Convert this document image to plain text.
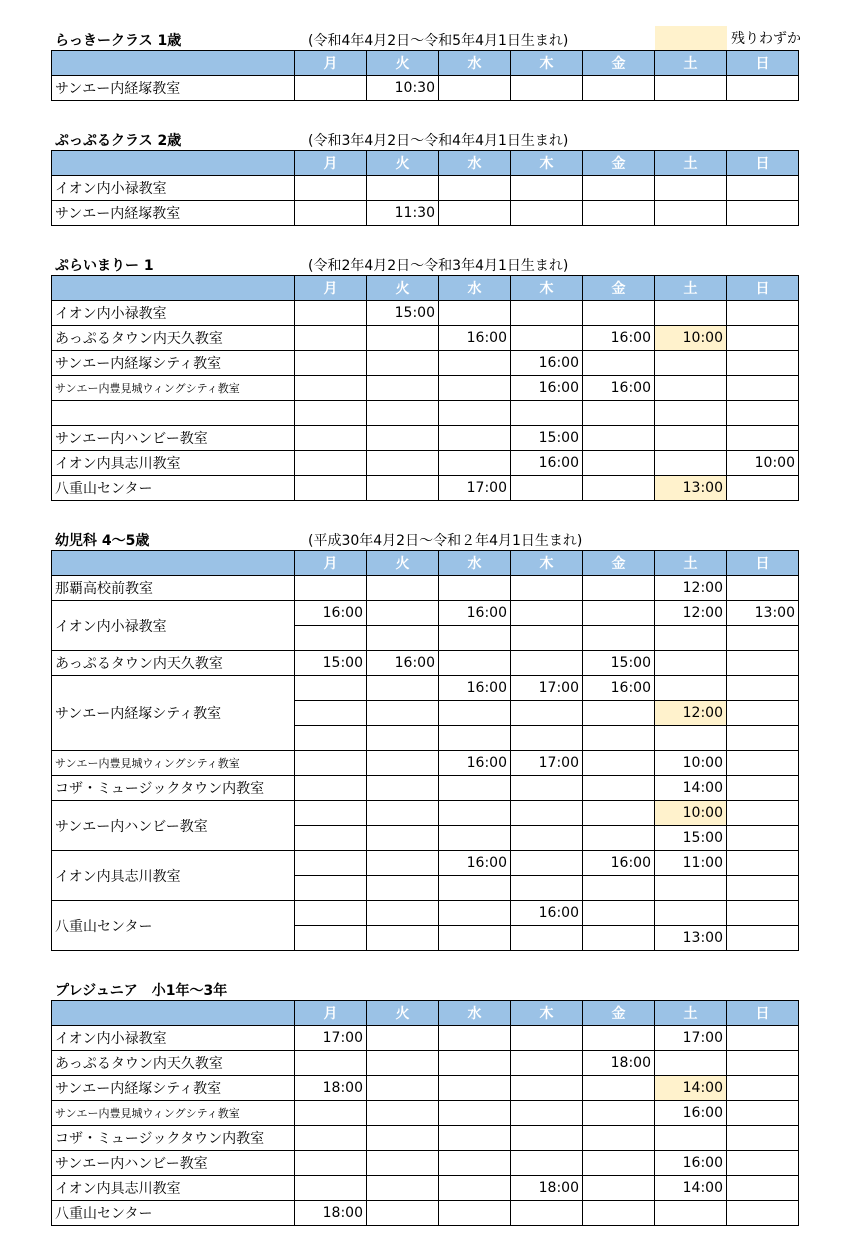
残りわずか
らっきークラス 1歳	(令和4年4月2日～令和5年4月1日生まれ)
	月	火	水	木	金	土	日
サンエー内経塚教室		10:30					
ぷっぷるクラス 2歳	(令和3年4月2日～令和4年4月1日生まれ)
	月	火	水	木	金	土	日
イオン内小禄教室							
サンエー内経塚教室		11:30					
ぷらいまりー 1	(令和2年4月2日～令和3年4月1日生まれ)
	月	火	水	木	金	土	日
イオン内小禄教室		15:00					
あっぷるタウン内天久教室			16:00		16:00	10:00	
サンエー内経塚シティ教室				16:00			
サンエー内豊見城ウィングシティ教室				16:00	16:00		

サンエー内ハンビー教室				15:00			
イオン内具志川教室				16:00			10:00
八重山センター			17:00			13:00	
幼児科 4～5歳	(平成30年4月2日～令和２年4月1日生まれ)
	月	火	水	木	金	土	日
那覇高校前教室						12:00	
イオン内小禄教室	16:00		16:00			12:00	13:00

あっぷるタウン内天久教室	15:00	16:00			15:00		
サンエー内経塚シティ教室			16:00	17:00	16:00		
						12:00	

サンエー内豊見城ウィングシティ教室			16:00	17:00		10:00	
コザ・ミュージックタウン内教室						14:00	
サンエー内ハンビー教室						10:00	
						15:00	
イオン内具志川教室			16:00		16:00	11:00	

八重山センター				16:00			
						13:00	
プレジュニア　小1年～3年
	月	火	水	木	金	土	日
イオン内小禄教室	17:00					17:00	
あっぷるタウン内天久教室					18:00		
サンエー内経塚シティ教室	18:00					14:00	
サンエー内豊見城ウィングシティ教室						16:00	
コザ・ミュージックタウン内教室							
サンエー内ハンビー教室						16:00	
イオン内具志川教室				18:00		14:00	
八重山センター	18:00						
